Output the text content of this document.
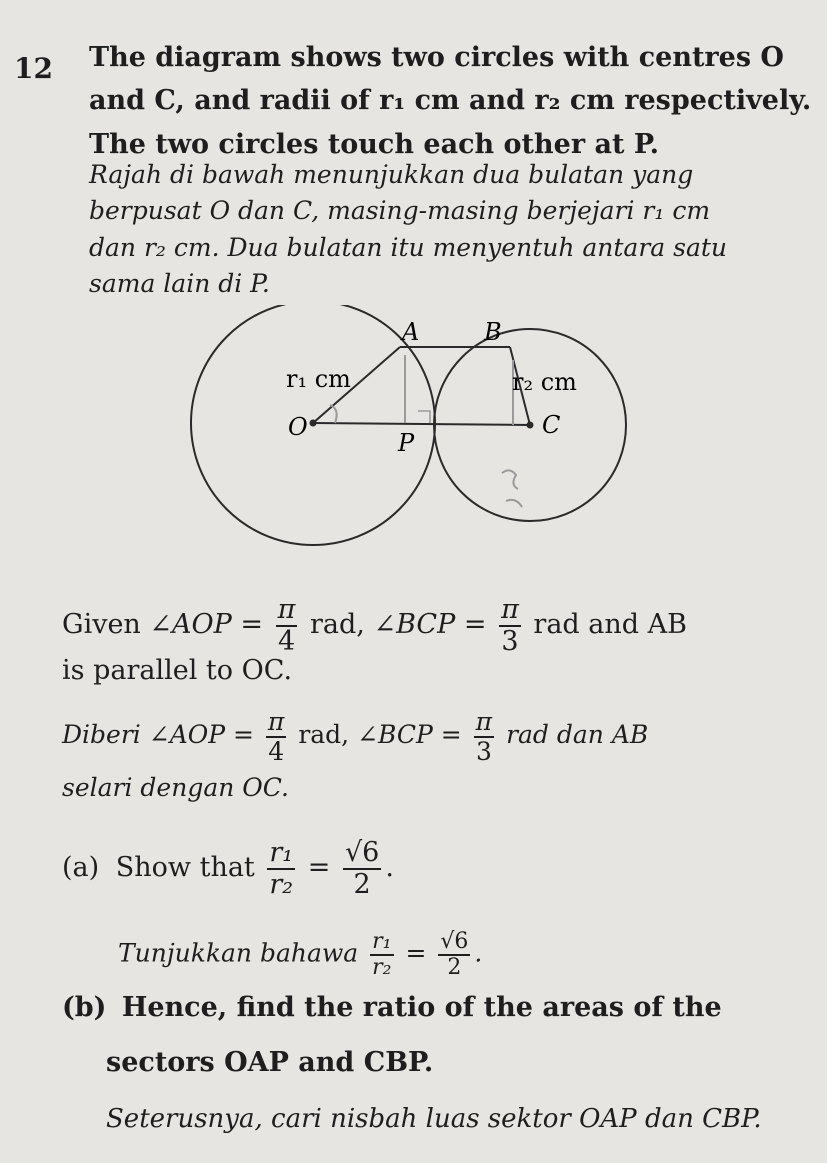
12 The diagram shows two circles with centres O
and C, and radii of r₁ cm and r₂ cm respectively.
The two circles touch each other at P.
Rajah di bawah menunjukkan dua bulatan yang
berpusat O dan C, masing-masing berjejari r₁ cm
dan r₂ cm. Dua bulatan itu menyentuh antara satu
sama lain di P.
A	B
O
P
C
r₁ cm	r₂ cm
Given ∠AOP = $\frac{\pi}{4}$ rad, ∠BCP = $\frac{\pi}{3}$ rad and AB
is parallel to OC.
Diberi ∠AOP = $\frac{\pi}{4}$ rad, ∠BCP = $\frac{\pi}{3}$ rad dan AB
selari dengan OC.
(a) Show that $\frac{\text{r₁}}{\text{r₂}} = \frac{√6}{2}$ .
Tunjukkan bahawa $\frac{\text{r₁}}{\text{r₂}} = \frac{√6}{2}$ .
(b) Hence, find the ratio of the areas of the
sectors OAP and CBP.
Seterusnya, cari nisbah luas sektor OAP dan CBP.
